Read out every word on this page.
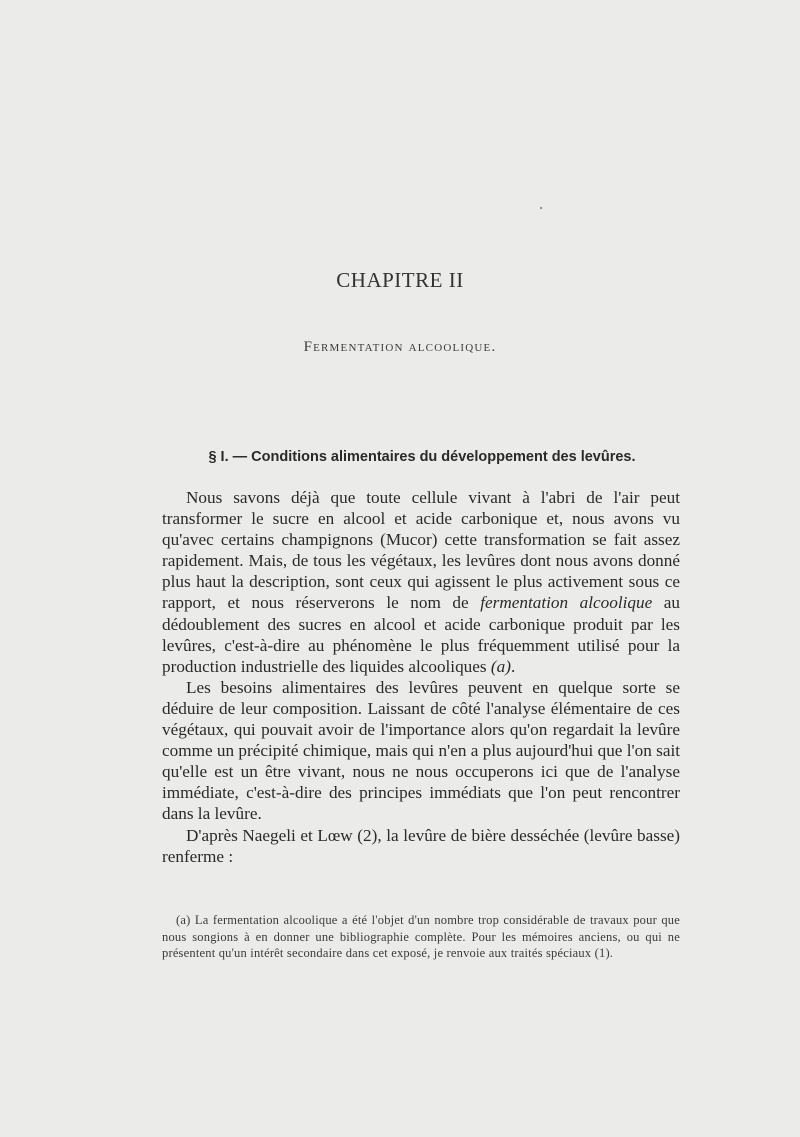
CHAPITRE II
Fermentation alcoolique.
§ I. — Conditions alimentaires du développement des levûres.

Nous savons déjà que toute cellule vivant à l'abri de l'air peut transformer le sucre en alcool et acide carbonique et, nous avons vu qu'avec certains champignons (Mucor) cette transformation se fait assez rapidement. Mais, de tous les végétaux, les levûres dont nous avons donné plus haut la description, sont ceux qui agissent le plus activement sous ce rapport, et nous réserverons le nom de fermentation alcoolique au dédoublement des sucres en alcool et acide carbonique produit par les levûres, c'est-à-dire au phénomène le plus fréquemment utilisé pour la production industrielle des liquides alcooliques (a).

Les besoins alimentaires des levûres peuvent en quelque sorte se déduire de leur composition. Laissant de côté l'analyse élémentaire de ces végétaux, qui pouvait avoir de l'importance alors qu'on regardait la levûre comme un précipité chimique, mais qui n'en a plus aujourd'hui que l'on sait qu'elle est un être vivant, nous ne nous occuperons ici que de l'analyse immédiate, c'est-à-dire des principes immédiats que l'on peut rencontrer dans la levûre.

D'après Naegeli et Lœw (2), la levûre de bière desséchée (levûre basse) renferme :

(a) La fermentation alcoolique a été l'objet d'un nombre trop considérable de travaux pour que nous songions à en donner une bibliographie complète. Pour les mémoires anciens, ou qui ne présentent qu'un intérêt secondaire dans cet exposé, je renvoie aux traités spéciaux (1).
